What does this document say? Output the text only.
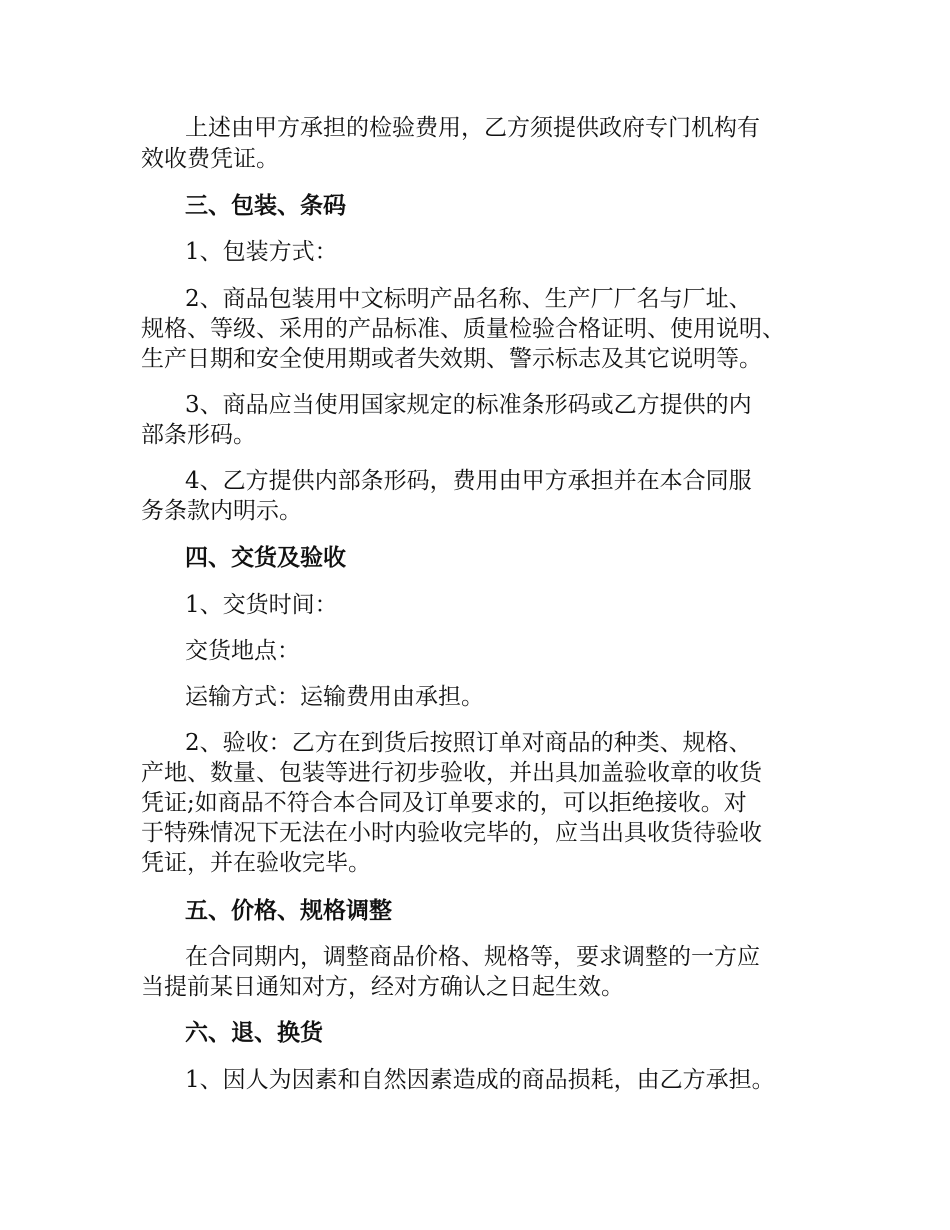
上述由甲方承担的检验费用，乙方须提供政府专门机构有
效收费凭证。
三、包装、条码
1、包装方式：
2、商品包装用中文标明产品名称、生产厂厂名与厂址、
规格、等级、采用的产品标准、质量检验合格证明、使用说明、
生产日期和安全使用期或者失效期、警示标志及其它说明等。
3、商品应当使用国家规定的标准条形码或乙方提供的内
部条形码。
4、乙方提供内部条形码，费用由甲方承担并在本合同服
务条款内明示。
四、交货及验收
1、交货时间：
交货地点：
运输方式：运输费用由承担。
2、验收：乙方在到货后按照订单对商品的种类、规格、
产地、数量、包装等进行初步验收，并出具加盖验收章的收货
凭证;如商品不符合本合同及订单要求的，可以拒绝接收。对
于特殊情况下无法在小时内验收完毕的，应当出具收货待验收
凭证，并在验收完毕。
五、价格、规格调整
在合同期内，调整商品价格、规格等，要求调整的一方应
当提前某日通知对方，经对方确认之日起生效。
六、退、换货
1、因人为因素和自然因素造成的商品损耗，由乙方承担。
